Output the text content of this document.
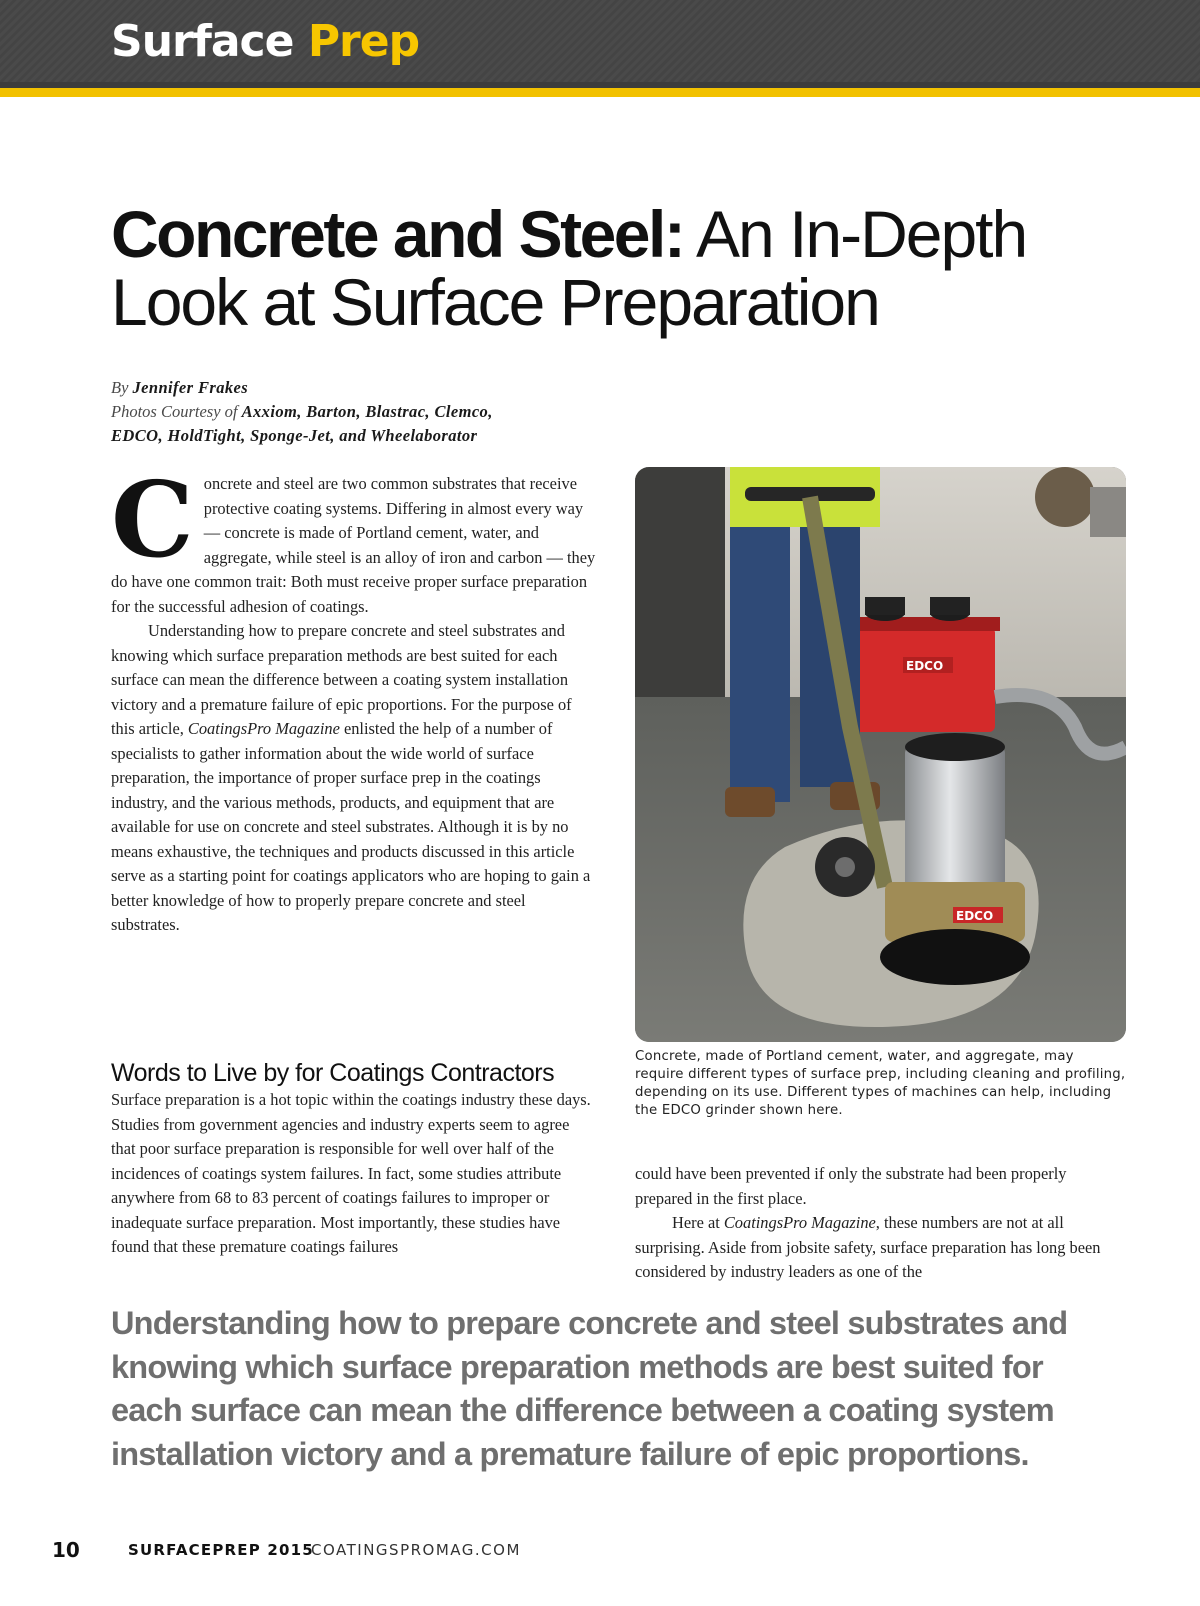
Surface Prep
Concrete and Steel: An In-Depth
Look at Surface Preparation
By Jennifer Frakes
Photos Courtesy of Axxiom, Barton, Blastrac, Clemco,
EDCO, HoldTight, Sponge-Jet, and Wheelaborator

Concrete and steel are two common substrates that receive protective coating systems. Differing in almost every way — concrete is made of Portland cement, water, and aggregate, while steel is an alloy of iron and carbon — they do have one common trait: Both must receive proper surface preparation for the successful adhesion of coatings.

Understanding how to prepare concrete and steel substrates and knowing which surface preparation methods are best suited for each surface can mean the difference between a coating system installation victory and a premature failure of epic proportions. For the purpose of this article, CoatingsPro Magazine enlisted the help of a number of specialists to gather information about the wide world of surface preparation, the importance of proper surface prep in the coatings industry, and the various methods, products, and equipment that are available for use on concrete and steel substrates. Although it is by no means exhaustive, the techniques and products discussed in this article serve as a starting point for coatings applicators who are hoping to gain a better knowledge of how to properly prepare concrete and steel substrates.

Words to Live by for Coatings Contractors

Surface preparation is a hot topic within the coatings industry these days. Studies from government agencies and industry experts seem to agree that poor surface preparation is responsible for well over half of the incidences of coatings system failures. In fact, some studies attribute anywhere from 68 to 83 percent of coatings failures to improper or inadequate surface preparation. Most importantly, these studies have found that these premature coatings failures

EDCO
EDCO
Concrete, made of Portland cement, water, and aggregate, may require different types of surface prep, including cleaning and profiling, depending on its use. Different types of machines can help, including the EDCO grinder shown here.

could have been prevented if only the substrate had been properly prepared in the first place.

Here at CoatingsPro Magazine, these numbers are not at all surprising. Aside from jobsite safety, surface preparation has long been considered by industry leaders as one of the

Understanding how to prepare concrete and steel substrates and knowing which surface preparation methods are best suited for each surface can mean the difference between a coating system installation victory and a premature failure of epic proportions.

10	SURFACEPREP 2015
COATINGSPROMAG.COM
